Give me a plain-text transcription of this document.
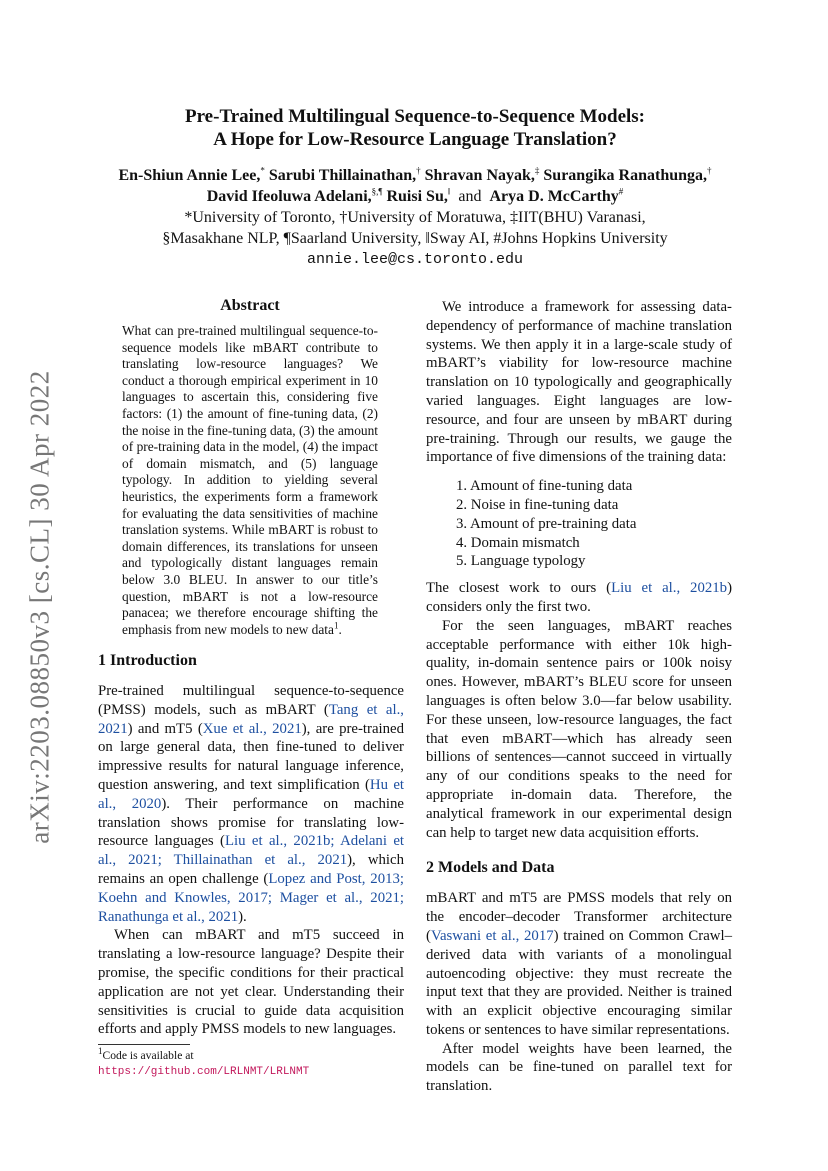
arXiv:2203.08850v3 [cs.CL] 30 Apr 2022
Pre-Trained Multilingual Sequence-to-Sequence Models:
A Hope for Low-Resource Language Translation?
En-Shiun Annie Lee,* Sarubi Thillainathan,† Shravan Nayak,‡ Surangika Ranathunga,†
David Ifeoluwa Adelani,§,¶ Ruisi Su,‖ and Arya D. McCarthy#
*University of Toronto, †University of Moratuwa, ‡IIT(BHU) Varanasi,
§Masakhane NLP, ¶Saarland University, ‖Sway AI, #Johns Hopkins University
annie.lee@cs.toronto.edu
Abstract
What can pre-trained multilingual sequence-to-sequence models like mBART contribute to translating low-resource languages? We conduct a thorough empirical experiment in 10 languages to ascertain this, considering five factors: (1) the amount of fine-tuning data, (2) the noise in the fine-tuning data, (3) the amount of pre-training data in the model, (4) the impact of domain mismatch, and (5) language typology. In addition to yielding several heuristics, the experiments form a framework for evaluating the data sensitivities of machine translation systems. While mBART is robust to domain differences, its translations for unseen and typologically distant languages remain below 3.0 BLEU. In answer to our title’s question, mBART is not a low-resource panacea; we therefore encourage shifting the emphasis from new models to new data$^1$.
1 Introduction
Pre-trained multilingual sequence-to-sequence (PMSS) models, such as mBART (Tang et al., 2021) and mT5 (Xue et al., 2021), are pre-trained on large general data, then fine-tuned to deliver impressive results for natural language inference, question answering, and text simplification (Hu et al., 2020). Their performance on machine translation shows promise for translating low-resource languages (Liu et al., 2021b; Adelani et al., 2021; Thillainathan et al., 2021), which remains an open challenge (Lopez and Post, 2013; Koehn and Knowles, 2017; Mager et al., 2021; Ranathunga et al., 2021).
When can mBART and mT5 succeed in translating a low-resource language? Despite their promise, the specific conditions for their practical application are not yet clear. Understanding their sensitivities is crucial to guide data acquisition efforts and apply PMSS models to new languages.
$^1$Code is available at https://github.com/LRLNMT/LRLNMT
We introduce a framework for assessing data-dependency of performance of machine translation systems. We then apply it in a large-scale study of mBART’s viability for low-resource machine translation on 10 typologically and geographically varied languages. Eight languages are low-resource, and four are unseen by mBART during pre-training. Through our results, we gauge the importance of five dimensions of the training data:
1. Amount of fine-tuning data
2. Noise in fine-tuning data
3. Amount of pre-training data
4. Domain mismatch
5. Language typology
The closest work to ours (Liu et al., 2021b) considers only the first two.
For the seen languages, mBART reaches acceptable performance with either 10k high-quality, in-domain sentence pairs or 100k noisy ones. However, mBART’s BLEU score for unseen languages is often below 3.0—far below usability. For these unseen, low-resource languages, the fact that even mBART—which has already seen billions of sentences—cannot succeed in virtually any of our conditions speaks to the need for appropriate in-domain data. Therefore, the analytical framework in our experimental design can help to target new data acquisition efforts.
2 Models and Data
mBART and mT5 are PMSS models that rely on the encoder–decoder Transformer architecture (Vaswani et al., 2017) trained on Common Crawl–derived data with variants of a monolingual autoencoding objective: they must recreate the input text that they are provided. Neither is trained with an explicit objective encouraging similar tokens or sentences to have similar representations.
After model weights have been learned, the models can be fine-tuned on parallel text for translation.
